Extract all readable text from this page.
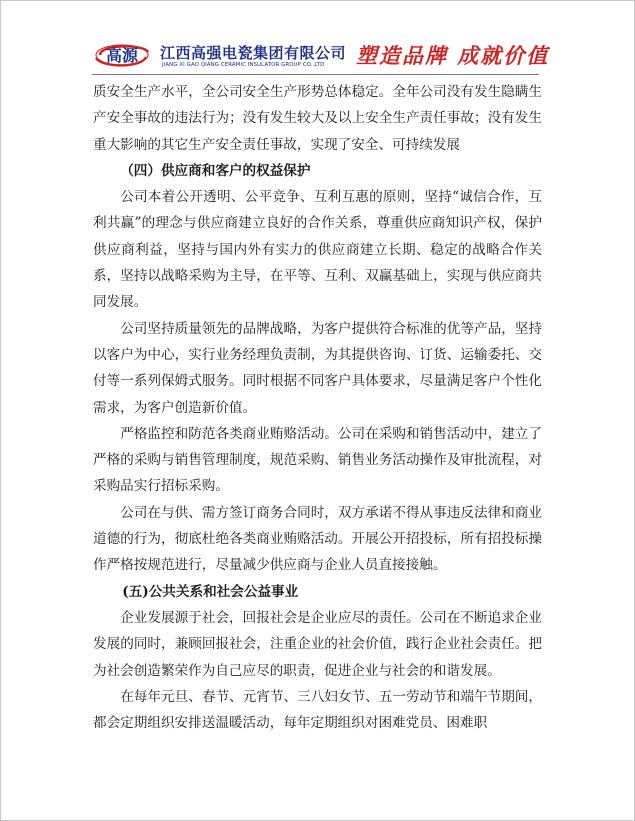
高源 江西高强电瓷集团有限公司
JIANG XI GAO QIANG CERAMIC INSULATOR GROUP CO.,LTD 塑造品牌 成就价值

质安全生产水平，全公司安全生产形势总体稳定。全年公司没有发生隐瞒生产安全事故的违法行为；没有发生较大及以上安全生产责任事故；没有发生重大影响的其它生产安全责任事故，实现了安全、可持续发展

（四）供应商和客户的权益保护

公司本着公开透明、公平竞争、互利互惠的原则，坚持“诚信合作，互利共赢”的理念与供应商建立良好的合作关系，尊重供应商知识产权，保护供应商利益，坚持与国内外有实力的供应商建立长期、稳定的战略合作关系，坚持以战略采购为主导，在平等、互利、双赢基础上，实现与供应商共同发展。

公司坚持质量领先的品牌战略，为客户提供符合标准的优等产品，坚持以客户为中心，实行业务经理负责制，为其提供咨询、订货、运输委托、交付等一系列保姆式服务。同时根据不同客户具体要求，尽量满足客户个性化需求，为客户创造新价值。

严格监控和防范各类商业贿赂活动。公司在采购和销售活动中，建立了严格的采购与销售管理制度，规范采购、销售业务活动操作及审批流程，对采购品实行招标采购。

公司在与供、需方签订商务合同时，双方承诺不得从事违反法律和商业道德的行为，彻底杜绝各类商业贿赂活动。开展公开招投标，所有招投标操作严格按规范进行，尽量减少供应商与企业人员直接接触。

(五)公共关系和社会公益事业

企业发展源于社会，回报社会是企业应尽的责任。公司在不断追求企业发展的同时，兼顾回报社会，注重企业的社会价值，践行企业社会责任。把为社会创造繁荣作为自己应尽的职责，促进企业与社会的和谐发展。

在每年元旦、春节、元宵节、三八妇女节、五一劳动节和端午节期间，都会定期组织安排送温暖活动，每年定期组织对困难党员、困难职
